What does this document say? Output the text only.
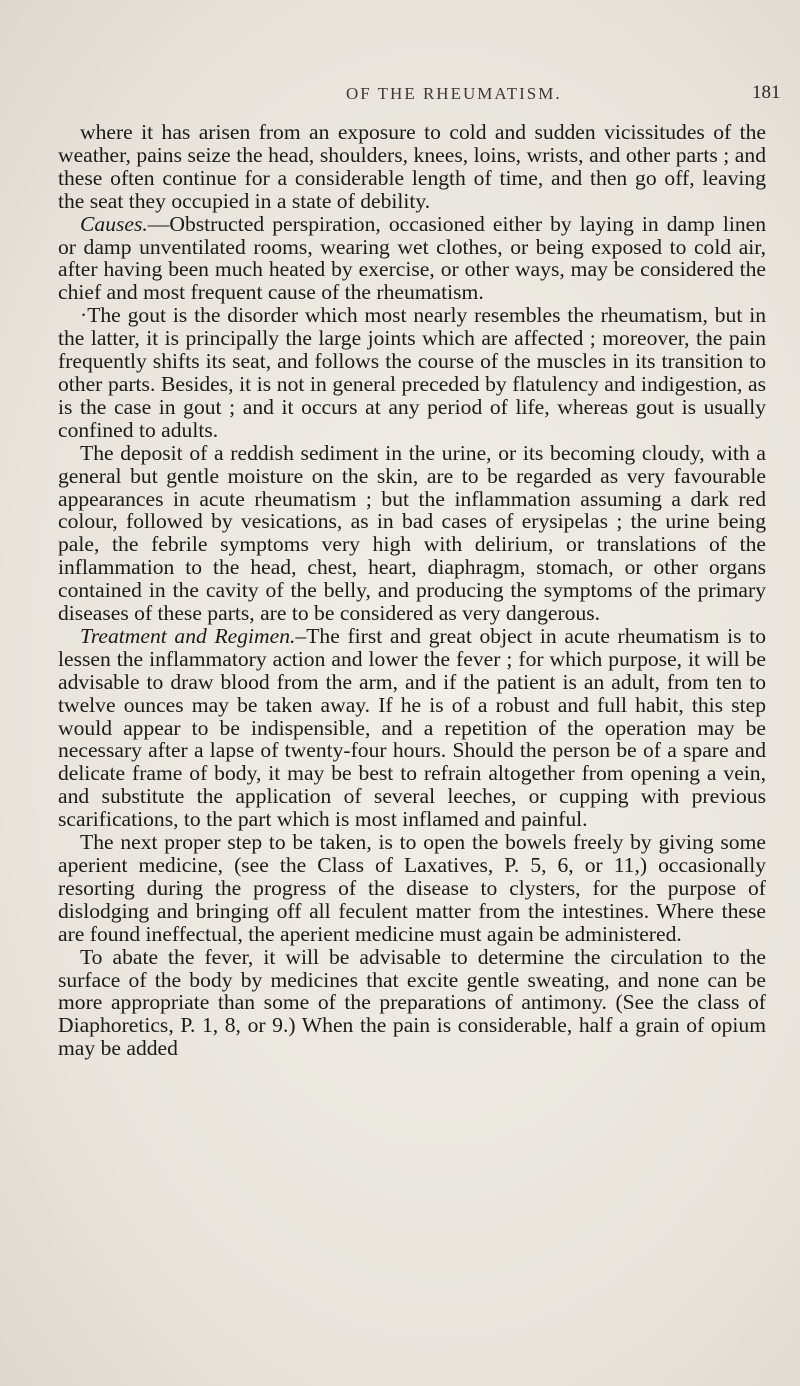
OF THE RHEUMATISM.	181

where it has arisen from an exposure to cold and sudden vicissitudes of the weather, pains seize the head, shoulders, knees, loins, wrists, and other parts ; and these often continue for a considerable length of time, and then go off, leaving the seat they occupied in a state of debility.

Causes.—Obstructed perspiration, occasioned either by laying in damp linen or damp unventilated rooms, wearing wet clothes, or being exposed to cold air, after having been much heated by exercise, or other ways, may be considered the chief and most frequent cause of the rheumatism.

·The gout is the disorder which most nearly resembles the rheumatism, but in the latter, it is principally the large joints which are affected ; moreover, the pain frequently shifts its seat, and follows the course of the muscles in its transition to other parts. Besides, it is not in general preceded by flatulency and indigestion, as is the case in gout ; and it occurs at any period of life, whereas gout is usually confined to adults.

The deposit of a reddish sediment in the urine, or its becoming cloudy, with a general but gentle moisture on the skin, are to be regarded as very favourable appearances in acute rheumatism ; but the inflammation assuming a dark red colour, followed by vesications, as in bad cases of erysipelas ; the urine being pale, the febrile symptoms very high with delirium, or translations of the inflammation to the head, chest, heart, diaphragm, stomach, or other organs contained in the cavity of the belly, and producing the symptoms of the primary diseases of these parts, are to be considered as very dangerous.

Treatment and Regimen.–The first and great object in acute rheumatism is to lessen the inflammatory action and lower the fever ; for which purpose, it will be advisable to draw blood from the arm, and if the patient is an adult, from ten to twelve ounces may be taken away. If he is of a robust and full habit, this step would appear to be indispensible, and a repetition of the operation may be necessary after a lapse of twenty-four hours. Should the person be of a spare and delicate frame of body, it may be best to refrain altogether from opening a vein, and substitute the application of several leeches, or cupping with previous scarifications, to the part which is most inflamed and painful.

The next proper step to be taken, is to open the bowels freely by giving some aperient medicine, (see the Class of Laxatives, P. 5, 6, or 11,) occasionally resorting during the progress of the disease to clysters, for the purpose of dislodging and bringing off all feculent matter from the intestines. Where these are found ineffectual, the aperient medicine must again be administered.

To abate the fever, it will be advisable to determine the circulation to the surface of the body by medicines that excite gentle sweating, and none can be more appropriate than some of the preparations of antimony. (See the class of Diaphoretics, P. 1, 8, or 9.) When the pain is considerable, half a grain of opium may be added
